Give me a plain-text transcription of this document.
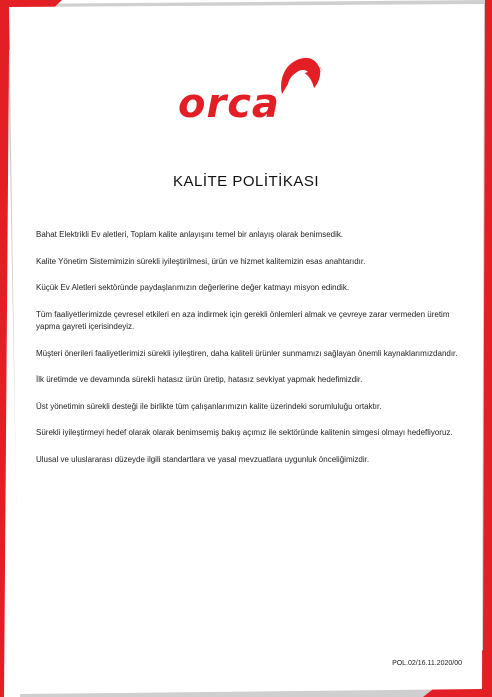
orca
®
KALİTE POLİTİKASI

Bahat Elektrikli Ev aletleri, Toplam kalite anlayışını temel bir anlayış olarak benimsedik.

Kalite Yönetim Sistemimizin sürekli iyileştirilmesi, ürün ve hizmet kalitemizin esas anahtarıdır.

Küçük Ev Aletleri sektöründe paydaşlarımızın değerlerine değer katmayı misyon edindik.

Tüm faaliyetlerimizde çevresel etkileri en aza indirmek için gerekli önlemleri almak ve çevreye zarar vermeden üretim yapma gayreti içerisindeyiz.

Müşteri önerileri faaliyetlerimizi sürekli iyileştiren, daha kaliteli ürünler sunmamızı sağlayan önemli kaynaklarımızdandır.

İlk üretimde ve devamında sürekli hatasız ürün üretip, hatasız sevkiyat yapmak hedefimizdir.

Üst yönetimin sürekli desteği ile birlikte tüm çalışanlarımızın kalite üzerindeki sorumluluğu ortaktır.

Sürekli iyileştirmeyi hedef olarak olarak benimsemiş bakış açımız ile sektöründe kalitenin simgesi olmayı hedefliyoruz.

Ulusal ve uluslararası düzeyde ilgili standartlara ve yasal mevzuatlara uygunluk önceliğimizdir.

POL.02/16.11.2020/00
